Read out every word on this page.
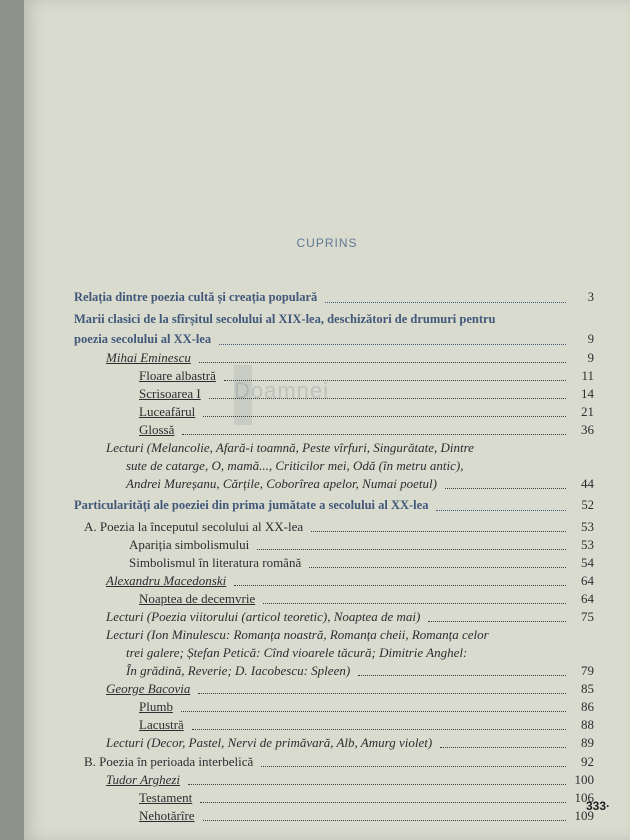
Doamnei
CUPRINS
Relația dintre poezia cultă și creația populară	3
Marii clasici de la sfîrșitul secolului al XIX-lea, deschizători de drumuri pentru
poezia secolului al XX-lea	9
Mihai Eminescu	9
Floare albastră	11
Scrisoarea I	14
Luceafărul	21
Glossă	36
Lecturi (Melancolie, Afară-i toamnă, Peste vîrfuri, Singurătate, Dintre
sute de catarge, O, mamă..., Criticilor mei, Odă (în metru antic),
Andrei Mureșanu, Cărțile, Coborîrea apelor, Numai poetul)	44
Particularități ale poeziei din prima jumătate a secolului al XX-lea	52
A. Poezia la începutul secolului al XX-lea	53
Apariția simbolismului	53
Simbolismul în literatura română	54
Alexandru Macedonski	64
Noaptea de decemvrie	64
Lecturi (Poezia viitorului (articol teoretic), Noaptea de mai)	75
Lecturi (Ion Minulescu: Romanța noastră, Romanța cheii, Romanța celor
trei galere; Ștefan Petică: Cînd vioarele tăcură; Dimitrie Anghel:
În grădină, Reverie; D. Iacobescu: Spleen)	79
George Bacovia	85
Plumb	86
Lacustră	88
Lecturi (Decor, Pastel, Nervi de primăvară, Alb, Amurg violet)	89
B. Poezia în perioada interbelică	92
Tudor Arghezi	100
Testament	106
Nehotărîre	109
333·
